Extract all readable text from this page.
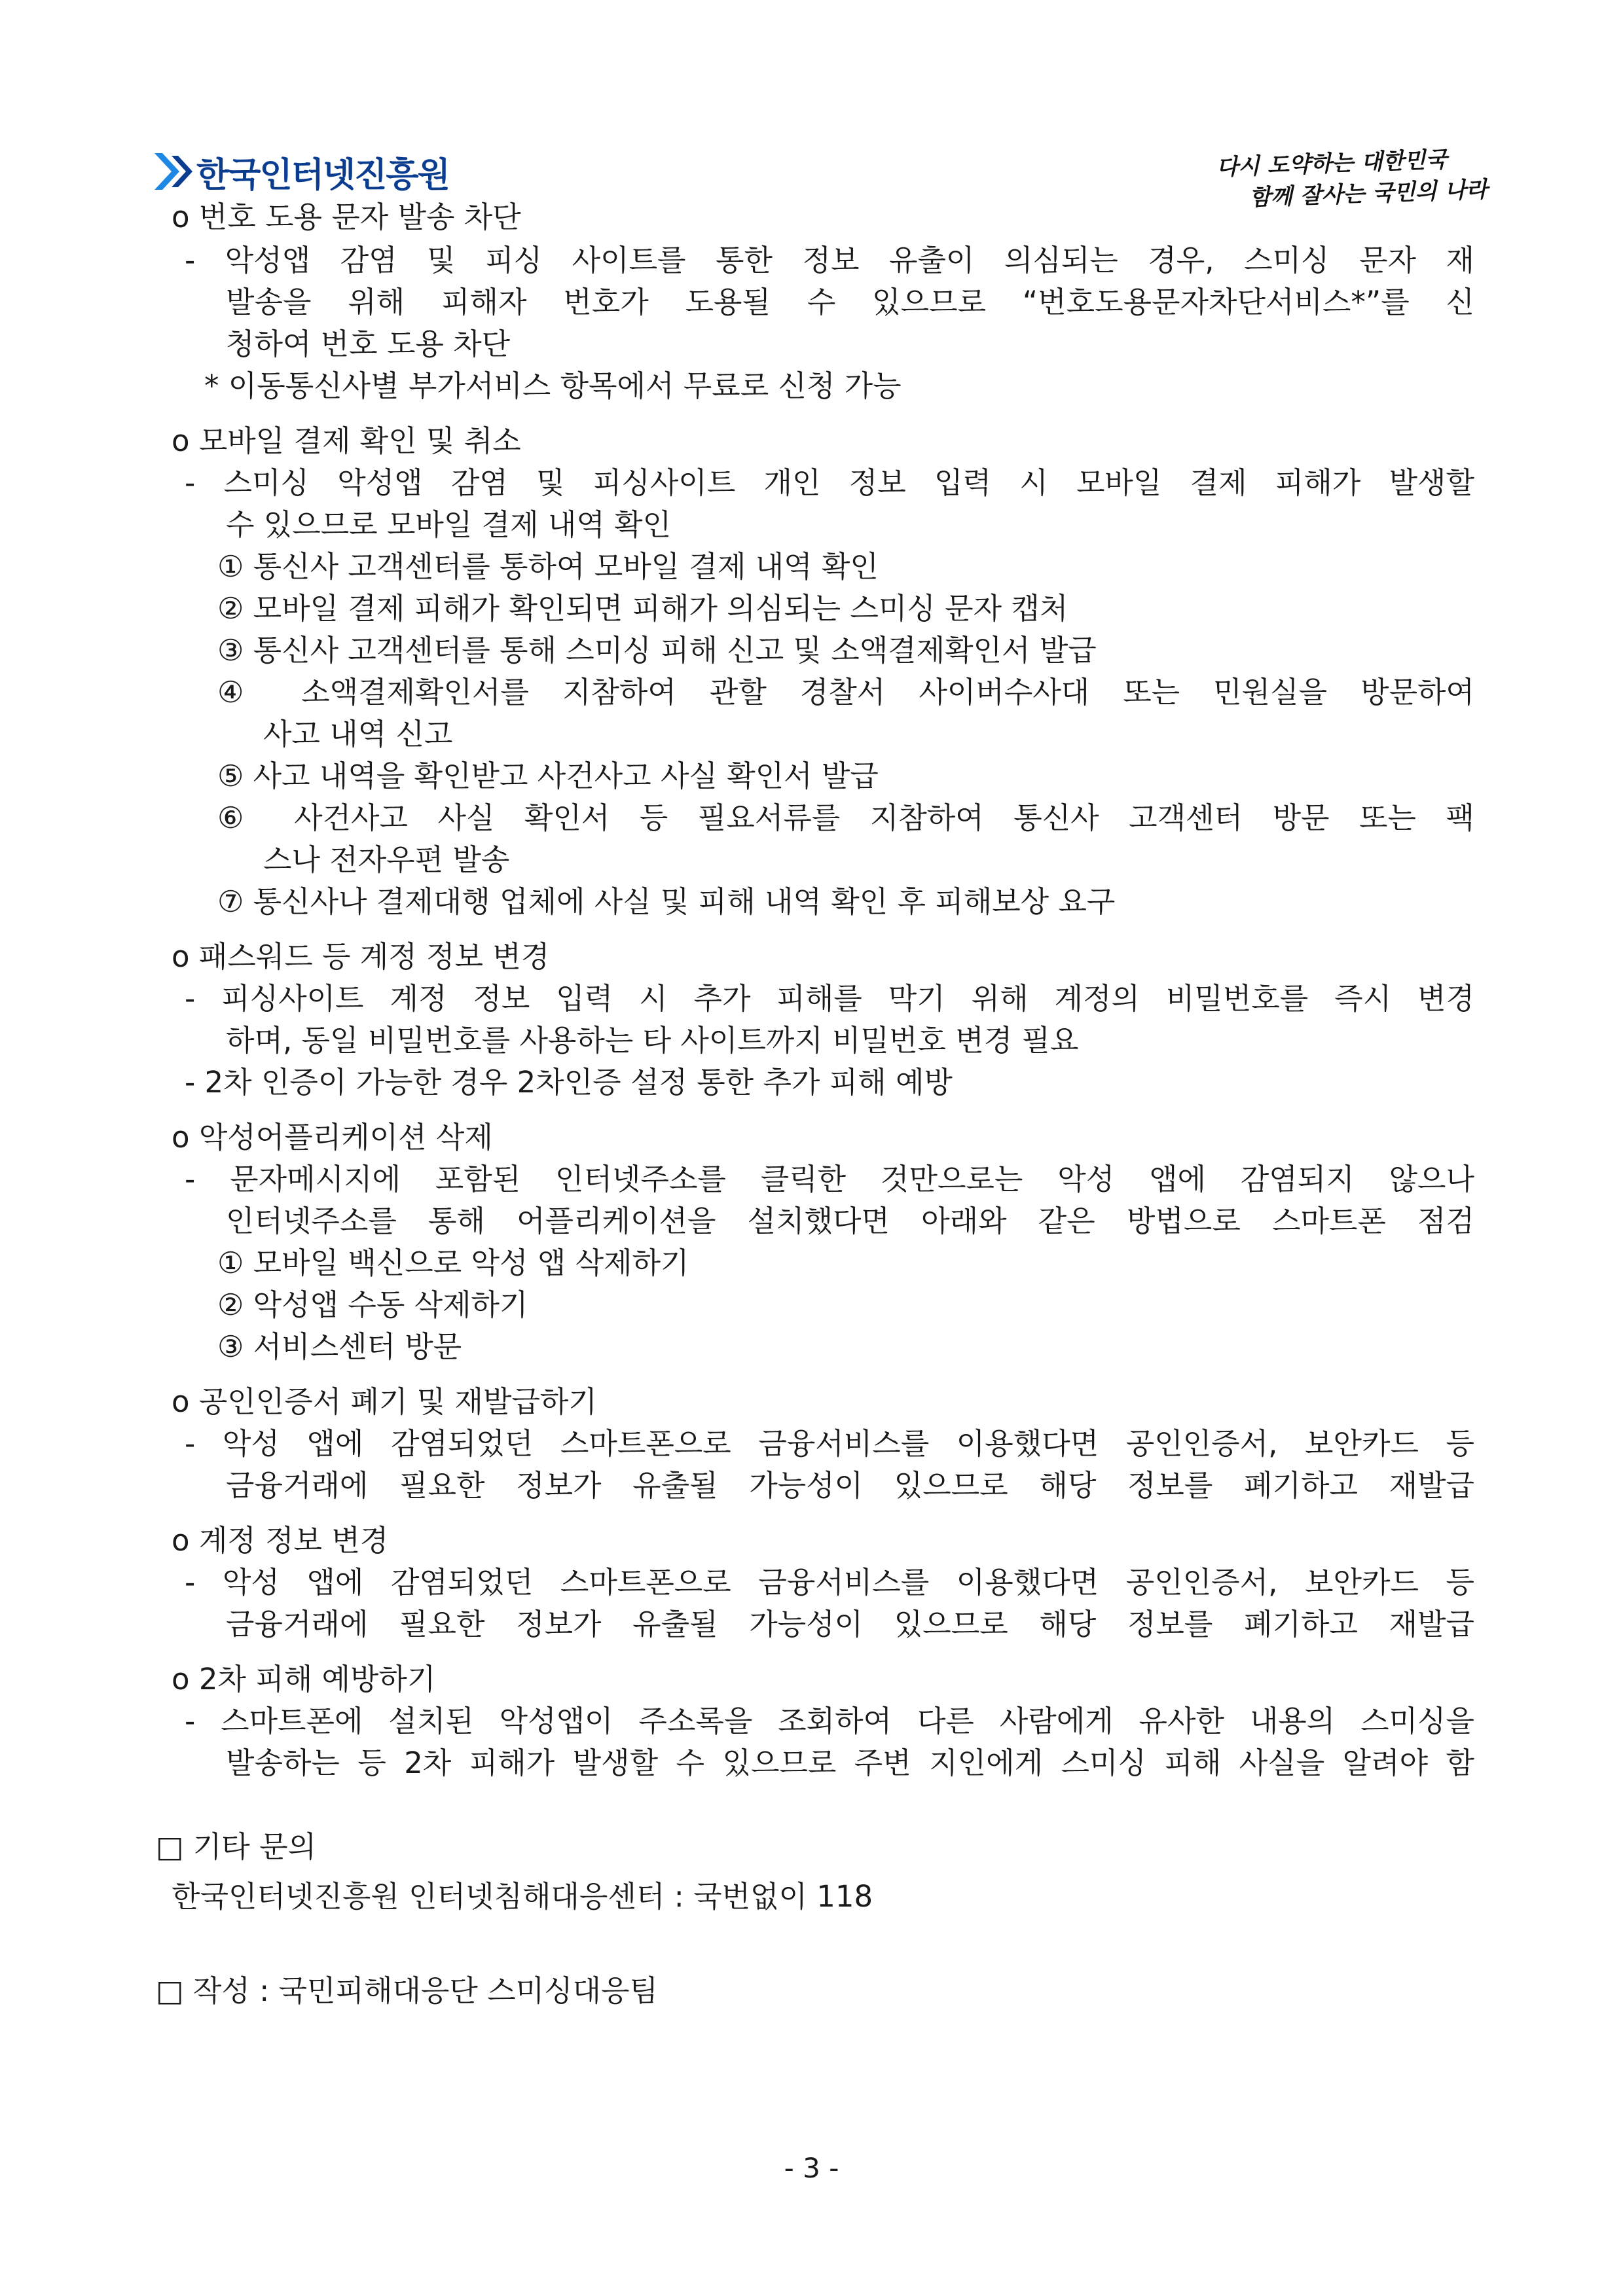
한국인터넷진흥원	다시 도약하는 대한민국
함께 잘사는 국민의 나라
o 번호 도용 문자 발송 차단
- 악성앱 감염 및 피싱 사이트를 통한 정보 유출이 의심되는 경우, 스미싱 문자 재
발송을 위해 피해자 번호가 도용될 수 있으므로 “번호도용문자차단서비스*”를 신
청하여 번호 도용 차단
* 이동통신사별 부가서비스 항목에서 무료로 신청 가능
o 모바일 결제 확인 및 취소
- 스미싱 악성앱 감염 및 피싱사이트 개인 정보 입력 시 모바일 결제 피해가 발생할
수 있으므로 모바일 결제 내역 확인
① 통신사 고객센터를 통하여 모바일 결제 내역 확인
② 모바일 결제 피해가 확인되면 피해가 의심되는 스미싱 문자 캡처
③ 통신사 고객센터를 통해 스미싱 피해 신고 및 소액결제확인서 발급
④ 소액결제확인서를 지참하여 관할 경찰서 사이버수사대 또는 민원실을 방문하여
사고 내역 신고
⑤ 사고 내역을 확인받고 사건사고 사실 확인서 발급
⑥ 사건사고 사실 확인서 등 필요서류를 지참하여 통신사 고객센터 방문 또는 팩
스나 전자우편 발송
⑦ 통신사나 결제대행 업체에 사실 및 피해 내역 확인 후 피해보상 요구
o 패스워드 등 계정 정보 변경
- 피싱사이트 계정 정보 입력 시 추가 피해를 막기 위해 계정의 비밀번호를 즉시 변경
하며, 동일 비밀번호를 사용하는 타 사이트까지 비밀번호 변경 필요
- 2차 인증이 가능한 경우 2차인증 설정 통한 추가 피해 예방
o 악성어플리케이션 삭제
- 문자메시지에 포함된 인터넷주소를 클릭한 것만으로는 악성 앱에 감염되지 않으나
인터넷주소를 통해 어플리케이션을 설치했다면 아래와 같은 방법으로 스마트폰 점검
① 모바일 백신으로 악성 앱 삭제하기
② 악성앱 수동 삭제하기
③ 서비스센터 방문
o 공인인증서 폐기 및 재발급하기
- 악성 앱에 감염되었던 스마트폰으로 금융서비스를 이용했다면 공인인증서, 보안카드 등
금융거래에 필요한 정보가 유출될 가능성이 있으므로 해당 정보를 폐기하고 재발급
o 계정 정보 변경
- 악성 앱에 감염되었던 스마트폰으로 금융서비스를 이용했다면 공인인증서, 보안카드 등
금융거래에 필요한 정보가 유출될 가능성이 있으므로 해당 정보를 폐기하고 재발급
o 2차 피해 예방하기
- 스마트폰에 설치된 악성앱이 주소록을 조회하여 다른 사람에게 유사한 내용의 스미싱을
발송하는 등 2차 피해가 발생할 수 있으므로 주변 지인에게 스미싱 피해 사실을 알려야 함
□ 기타 문의
한국인터넷진흥원 인터넷침해대응센터 : 국번없이 118
□ 작성 : 국민피해대응단 스미싱대응팀
- 3 -
